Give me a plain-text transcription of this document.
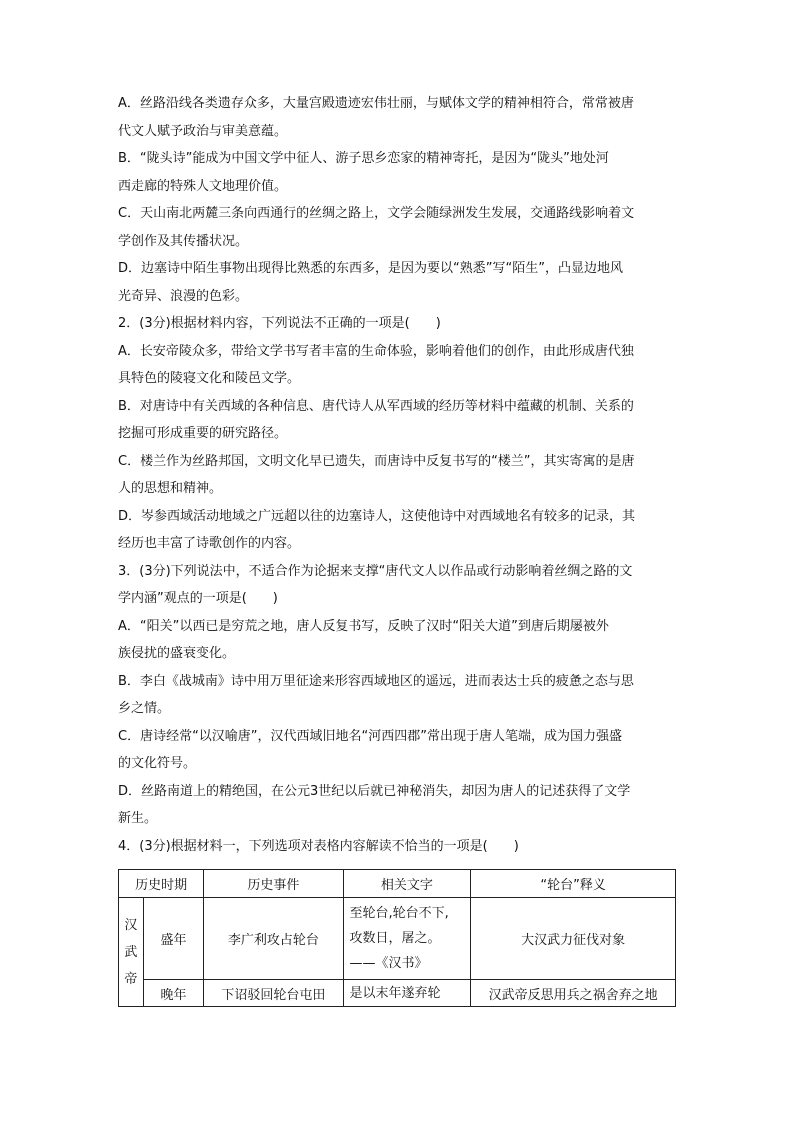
A．丝路沿线各类遗存众多，大量宫殿遗迹宏伟壮丽，与赋体文学的精神相符合，常常被唐

代文人赋予政治与审美意蕴。

B．“陇头诗”能成为中国文学中征人、游子思乡恋家的精神寄托，是因为“陇头”地处河

西走廊的特殊人文地理价值。

C．天山南北两麓三条向西通行的丝绸之路上，文学会随绿洲发生发展，交通路线影响着文

学创作及其传播状况。

D．边塞诗中陌生事物出现得比熟悉的东西多，是因为要以“熟悉”写“陌生”，凸显边地风

光奇异、浪漫的色彩。

2．(3分)根据材料内容，下列说法不正确的一项是(　　)

A．长安帝陵众多，带给文学书写者丰富的生命体验，影响着他们的创作，由此形成唐代独

具特色的陵寝文化和陵邑文学。

B．对唐诗中有关西域的各种信息、唐代诗人从军西域的经历等材料中蕴藏的机制、关系的

挖掘可形成重要的研究路径。

C．楼兰作为丝路邦国，文明文化早已遗失，而唐诗中反复书写的“楼兰”，其实寄寓的是唐

人的思想和精神。

D．岑参西域活动地域之广远超以往的边塞诗人，这使他诗中对西域地名有较多的记录，其

经历也丰富了诗歌创作的内容。

3．(3分)下列说法中，不适合作为论据来支撑“唐代文人以作品或行动影响着丝绸之路的文

学内涵”观点的一项是(　　)

A．“阳关”以西已是穷荒之地，唐人反复书写，反映了汉时“阳关大道”到唐后期屡被外

族侵扰的盛衰变化。

B．李白《战城南》诗中用万里征途来形容西域地区的遥远，进而表达士兵的疲惫之态与思

乡之情。

C．唐诗经常“以汉喻唐”，汉代西域旧地名“河西四郡”常出现于唐人笔端，成为国力强盛

的文化符号。

D．丝路南道上的精绝国，在公元3世纪以后就已神秘消失，却因为唐人的记述获得了文学

新生。

4．(3分)根据材料一，下列选项对表格内容解读不恰当的一项是(　　)

历史时期		历史事件	相关文字	“轮台”释义

汉
武
帝	盛年	李广利攻占轮台	至轮台,轮台不下,
攻数日，屠之。
——《汉书》	大汉武力征伐对象
	晚年	下诏驳回轮台屯田	是以末年遂弃轮	汉武帝反思用兵之祸舍弃之地
